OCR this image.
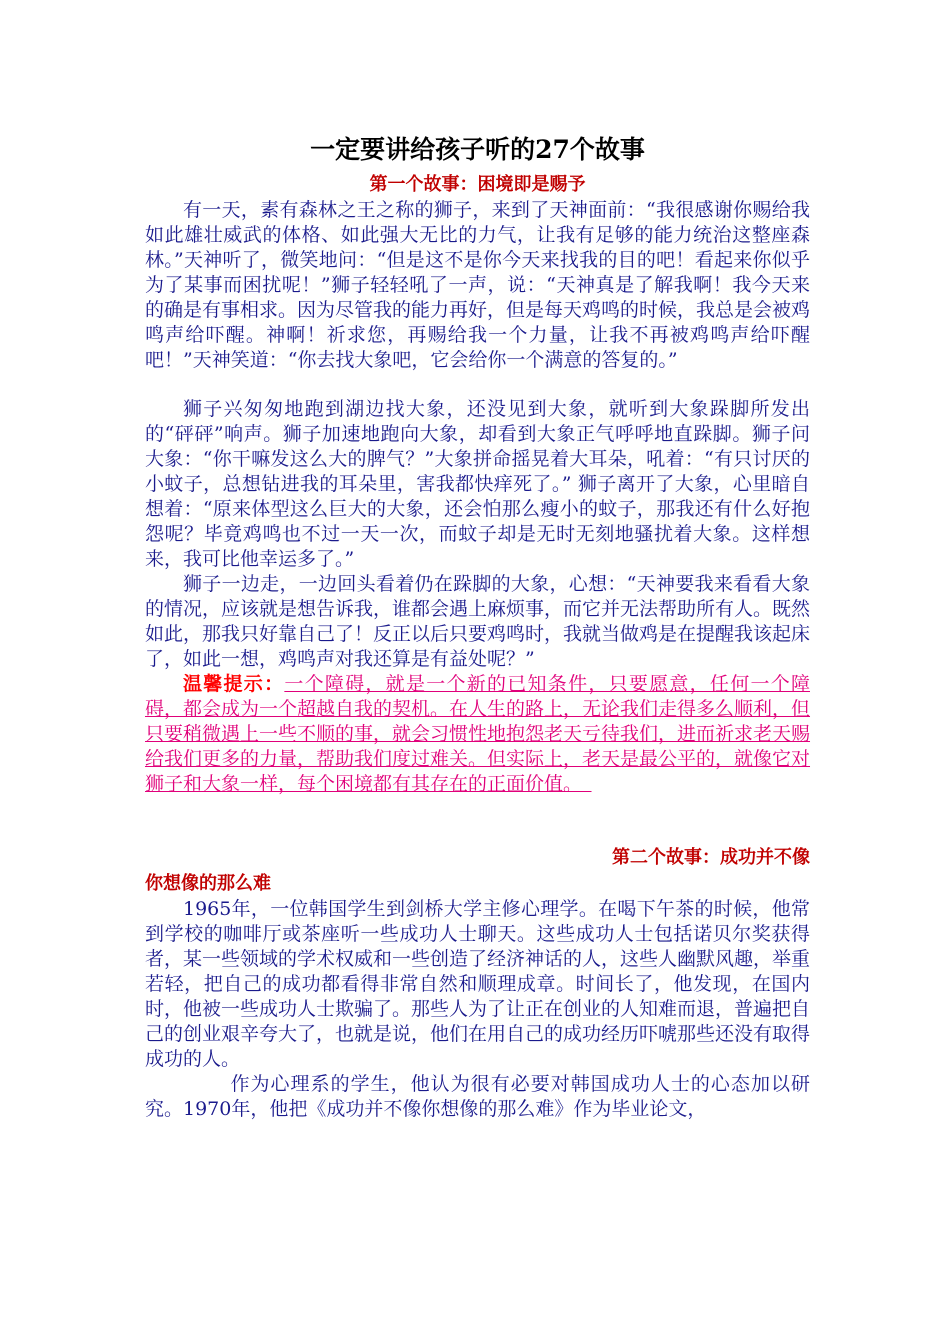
一定要讲给孩子听的27个故事
第一个故事：困境即是赐予

有一天，素有森林之王之称的狮子，来到了天神面前：“我很感谢你赐给我如此雄壮威武的体格、如此强大无比的力气，让我有足够的能力统治这整座森林。”天神听了，微笑地问：“但是这不是你今天来找我的目的吧！看起来你似乎为了某事而困扰呢！”狮子轻轻吼了一声，说：“天神真是了解我啊！我今天来的确是有事相求。因为尽管我的能力再好，但是每天鸡鸣的时候，我总是会被鸡鸣声给吓醒。神啊！祈求您，再赐给我一个力量，让我不再被鸡鸣声给吓醒吧！”天神笑道：“你去找大象吧，它会给你一个满意的答复的。”

狮子兴匆匆地跑到湖边找大象，还没见到大象，就听到大象跺脚所发出的“砰砰”响声。狮子加速地跑向大象，却看到大象正气呼呼地直跺脚。狮子问大象：“你干嘛发这么大的脾气？”大象拼命摇晃着大耳朵，吼着：“有只讨厌的小蚊子，总想钻进我的耳朵里，害我都快痒死了。” 狮子离开了大象，心里暗自想着：“原来体型这么巨大的大象，还会怕那么瘦小的蚊子，那我还有什么好抱怨呢？毕竟鸡鸣也不过一天一次，而蚊子却是无时无刻地骚扰着大象。这样想来，我可比他幸运多了。”

狮子一边走，一边回头看着仍在跺脚的大象，心想：“天神要我来看看大象的情况，应该就是想告诉我，谁都会遇上麻烦事，而它并无法帮助所有人。既然如此，那我只好靠自己了！反正以后只要鸡鸣时，我就当做鸡是在提醒我该起床了，如此一想，鸡鸣声对我还算是有益处呢？”

温馨提示：一个障碍，就是一个新的已知条件，只要愿意，任何一个障碍，都会成为一个超越自我的契机。在人生的路上，无论我们走得多么顺利，但只要稍微遇上一些不顺的事，就会习惯性地抱怨老天亏待我们，进而祈求老天赐给我们更多的力量，帮助我们度过难关。但实际上，老天是最公平的，就像它对狮子和大象一样，每个困境都有其存在的正面价值。　

第二个故事：成功并不像
你想像的那么难

1965年，一位韩国学生到剑桥大学主修心理学。在喝下午茶的时候，他常到学校的咖啡厅或茶座听一些成功人士聊天。这些成功人士包括诺贝尔奖获得者，某一些领域的学术权威和一些创造了经济神话的人，这些人幽默风趣，举重若轻，把自己的成功都看得非常自然和顺理成章。时间长了，他发现，在国内时，他被一些成功人士欺骗了。那些人为了让正在创业的人知难而退，普遍把自己的创业艰辛夸大了，也就是说，他们在用自己的成功经历吓唬那些还没有取得成功的人。

作为心理系的学生，他认为很有必要对韩国成功人士的心态加以研究。1970年，他把《成功并不像你想像的那么难》作为毕业论文，
